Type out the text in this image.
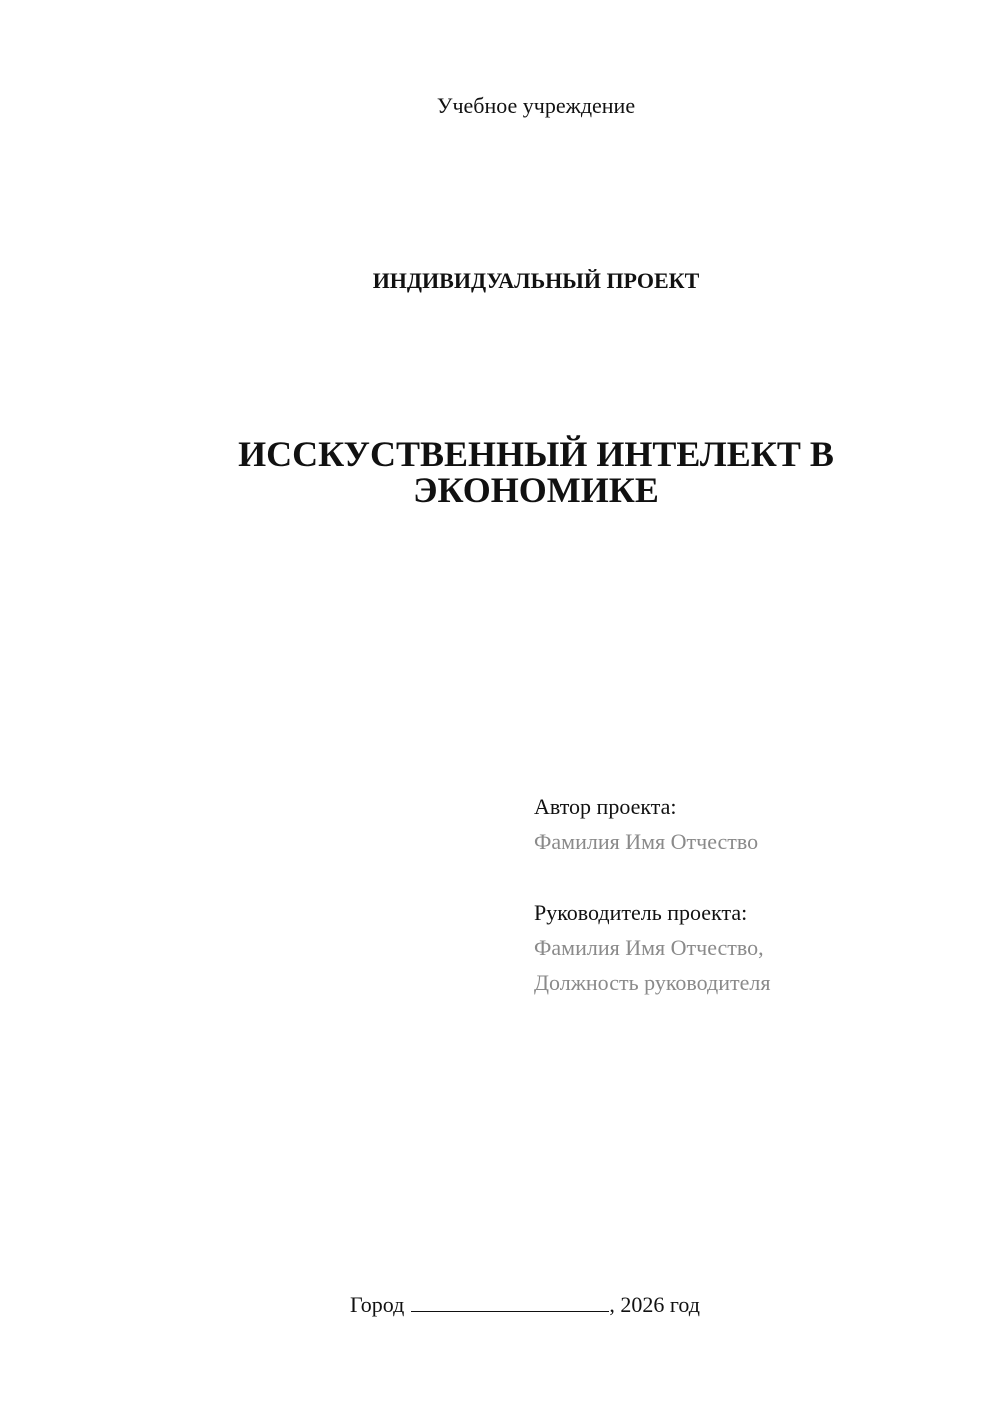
Учебное учреждение
ИНДИВИДУАЛЬНЫЙ ПРОЕКТ
ИССКУСТВЕННЫЙ ИНТЕЛЕКТ В
ЭКОНОМИКЕ
Автор проекта:
Фамилия Имя Отчество
Руководитель проекта:
Фамилия Имя Отчество,
Должность руководителя
Город	, 2026 год
